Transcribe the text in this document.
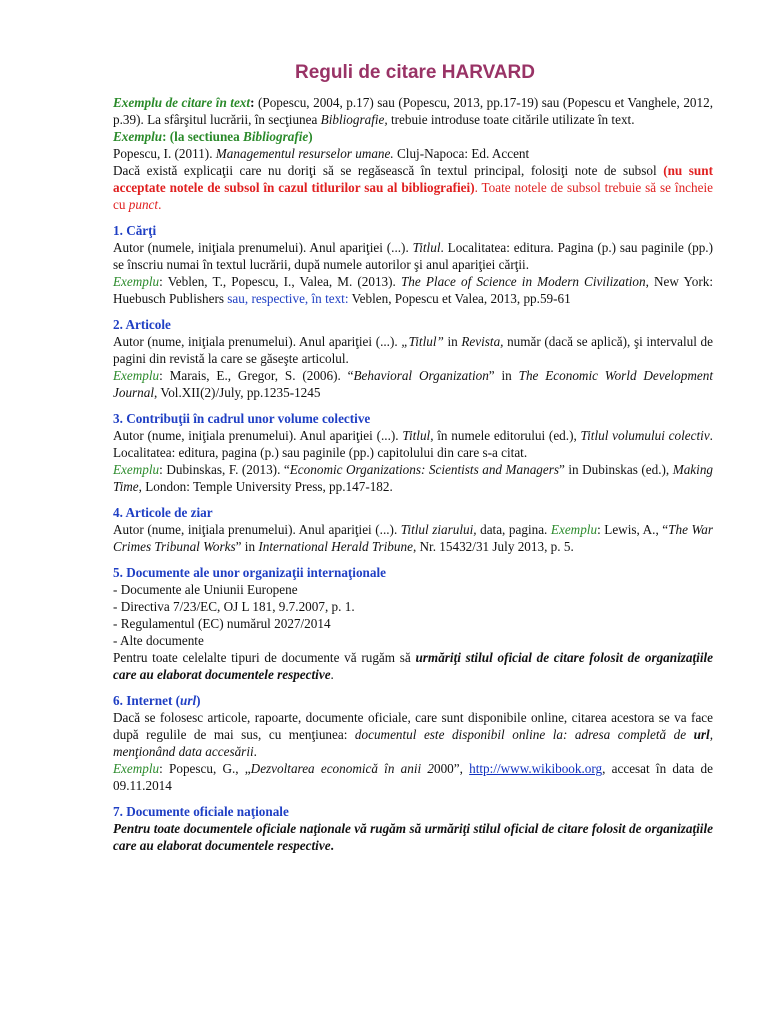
Reguli de citare HARVARD

Exemplu de citare în text: (Popescu, 2004, p.17) sau (Popescu, 2013, pp.17-19) sau (Popescu et Vanghele, 2012, p.39). La sfârşitul lucrării, în secţiunea Bibliografie, trebuie introduse toate citările utilizate în text.

Exemplu: (la sectiunea Bibliografie)

Popescu, I. (2011). Managementul resurselor umane. Cluj-Napoca: Ed. Accent

Dacă există explicaţii care nu doriţi să se regăsească în textul principal, folosiţi note de subsol (nu sunt acceptate notele de subsol în cazul titlurilor sau al bibliografiei). Toate notele de subsol trebuie să se încheie cu punct.

1. Cărţi

Autor (numele, iniţiala prenumelui). Anul apariţiei (...). Titlul. Localitatea: editura. Pagina (p.) sau paginile (pp.) se înscriu numai în textul lucrării, după numele autorilor şi anul apariţiei cărţii.

Exemplu: Veblen, T., Popescu, I., Valea, M. (2013). The Place of Science in Modern Civilization, New York: Huebusch Publishers sau, respective, în text: Veblen, Popescu et Valea, 2013, pp.59-61

2. Articole

Autor (nume, iniţiala prenumelui). Anul apariţiei (...). „Titlul” in Revista, număr (dacă se aplică), şi intervalul de pagini din revistă la care se găseşte articolul.

Exemplu: Marais, E., Gregor, S. (2006). “Behavioral Organization” in The Economic World Development Journal, Vol.XII(2)/July, pp.1235-1245

3. Contribuţii în cadrul unor volume colective

Autor (nume, iniţiala prenumelui). Anul apariţiei (...). Titlul, în numele editorului (ed.), Titlul volumului colectiv. Localitatea: editura, pagina (p.) sau paginile (pp.) capitolului din care s-a citat.

Exemplu: Dubinskas, F. (2013). “Economic Organizations: Scientists and Managers” in Dubinskas (ed.), Making Time, London: Temple University Press, pp.147-182.

4. Articole de ziar

Autor (nume, iniţiala prenumelui). Anul apariţiei (...). Titlul ziarului, data, pagina. Exemplu: Lewis, A., “The War Crimes Tribunal Works” in International Herald Tribune, Nr. 15432/31 July 2013, p. 5.

5. Documente ale unor organizaţii internaţionale

- Documente ale Uniunii Europene

- Directiva 7/23/EC, OJ L 181, 9.7.2007, p. 1.

- Regulamentul (EC) numărul 2027/2014

- Alte documente

Pentru toate celelalte tipuri de documente vă rugăm să urmăriţi stilul oficial de citare folosit de organizaţiile care au elaborat documentele respective.

6. Internet (url)

Dacă se folosesc articole, rapoarte, documente oficiale, care sunt disponibile online, citarea acestora se va face după regulile de mai sus, cu menţiunea: documentul este disponibil online la: adresa completă de url, menţionând data accesării.

Exemplu: Popescu, G., „Dezvoltarea economică în anii 2000”, http://www.wikibook.org, accesat în data de 09.11.2014

7. Documente oficiale naţionale

Pentru toate documentele oficiale naţionale vă rugăm să urmăriţi stilul oficial de citare folosit de organizaţiile care au elaborat documentele respective.
